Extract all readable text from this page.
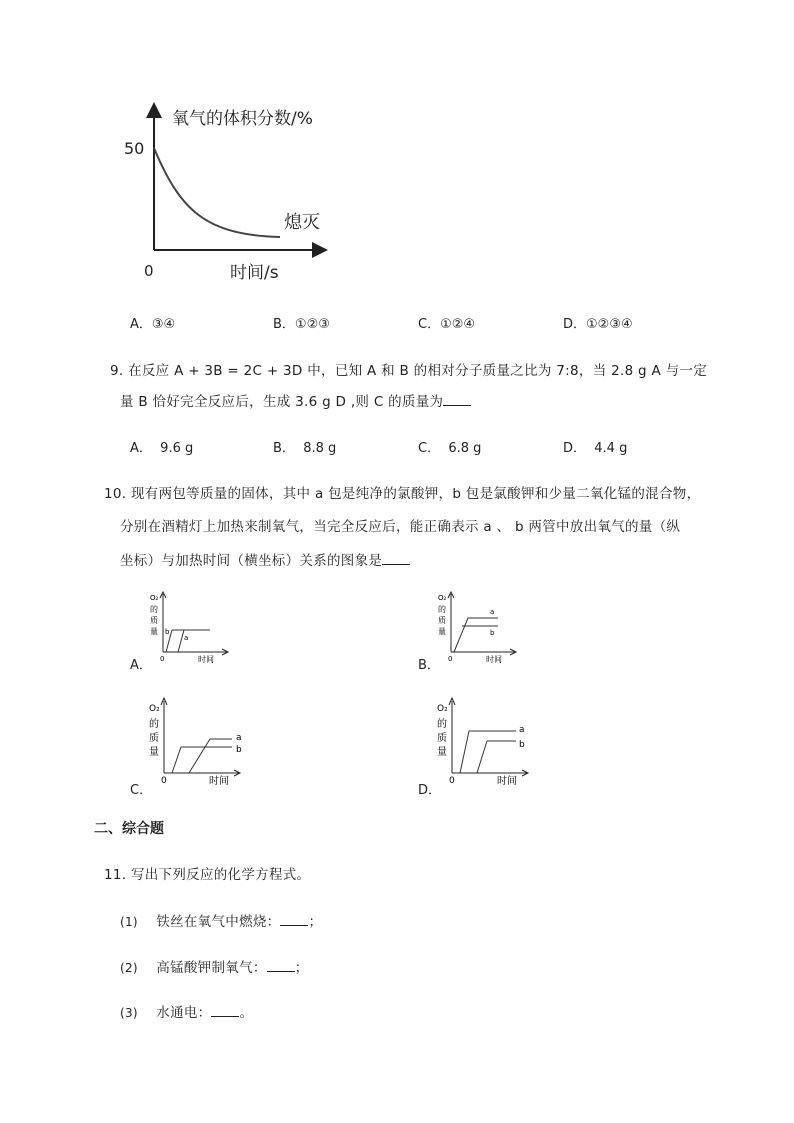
氧气的体积分数/%
50
0	时间/s
熄灭
A．③④	B．①②③	C．①②④	D．①②③④
9. 在反应 A + 3B = 2C + 3D 中，已知 A 和 B 的相对分子质量之比为 7:8，当 2.8 g A 与一定
量 B 恰好完全反应后，生成 3.6 g D ,则 C 的质量为
A． 9.6 g	B． 8.8 g	C． 6.8 g	D． 4.4 g
10. 现有两包等质量的固体，其中 a 包是纯净的氯酸钾，b 包是氯酸钾和少量二氧化锰的混合物，
分别在酒精灯上加热来制氧气，当完全反应后，能正确表示 a 、 b 两管中放出氧气的量（纵
坐标）与加热时间（横坐标）关系的图象是
O₂
的
质
量 b
a
0	时间
A．
O₂
的
质
量
a
b
0	时间
B．
O₂
的
质
量
a
b
0	时间
C．
O₂
的
质
量
a
b
0	时间
D．
二、综合题
11. 写出下列反应的化学方程式。
(1) 铁丝在氧气中燃烧： ；
(2) 高锰酸钾制氧气： ；
(3) 水通电： 。
